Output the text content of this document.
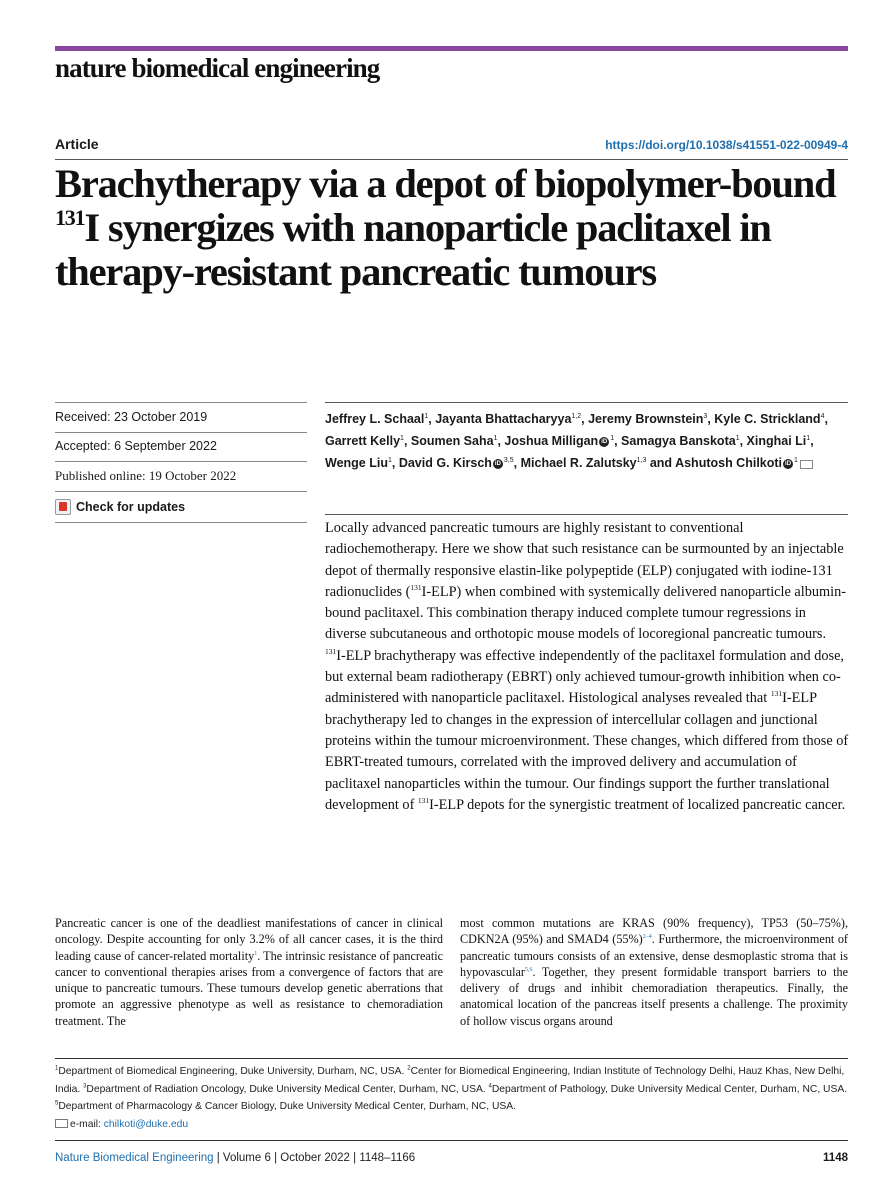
nature biomedical engineering
Article	https://doi.org/10.1038/s41551-022-00949-4
Brachytherapy via a depot of biopolymer-bound $^{131}$I synergizes with nanoparticle paclitaxel in therapy-resistant pancreatic tumours
Received: 23 October 2019
Accepted: 6 September 2022
Published online: 19 October 2022
Check for updates
Jeffrey L. Schaal$^1$, Jayanta Bhattacharyya$^{1,2}$, Jeremy Brownstein$^3$, Kyle C. Strickland$^4$, Garrett Kelly$^1$, Soumen Saha$^1$, Joshua Milligan iD $^1$, Samagya Banskota$^1$, Xinghai Li$^1$, Wenge Liu$^1$, David G. Kirsch iD $^{3,5}$, Michael R. Zalutsky$^{1,3}$ and Ashutosh Chilkoti iD $^1$

Locally advanced pancreatic tumours are highly resistant to conventional radiochemotherapy. Here we show that such resistance can be surmounted by an injectable depot of thermally responsive elastin-like polypeptide (ELP) conjugated with iodine-131 radionuclides ($^{131}$I-ELP) when combined with systemically delivered nanoparticle albumin-bound paclitaxel. This combination therapy induced complete tumour regressions in diverse subcutaneous and orthotopic mouse models of locoregional pancreatic tumours. $^{131}$I-ELP brachytherapy was effective independently of the paclitaxel formulation and dose, but external beam radiotherapy (EBRT) only achieved tumour-growth inhibition when co-administered with nanoparticle paclitaxel. Histological analyses revealed that $^{131}$I-ELP brachytherapy led to changes in the expression of intercellular collagen and junctional proteins within the tumour microenvironment. These changes, which differed from those of EBRT-treated tumours, correlated with the improved delivery and accumulation of paclitaxel nanoparticles within the tumour. Our findings support the further translational development of $^{131}$I-ELP depots for the synergistic treatment of localized pancreatic cancer.

Pancreatic cancer is one of the deadliest manifestations of cancer in clinical oncology. Despite accounting for only 3.2% of all cancer cases, it is the third leading cause of cancer-related mortality$^1$. The intrinsic resistance of pancreatic cancer to conventional therapies arises from a convergence of factors that are unique to pancreatic tumours. These tumours develop genetic aberrations that promote an aggressive phenotype as well as resistance to chemoradiation treatment. The

most common mutations are KRAS (90% frequency), TP53 (50–75%), CDKN2A (95%) and SMAD4 $(55\%)^{2-4}$. Furthermore, the microenvironment of pancreatic tumours consists of an extensive, dense desmoplastic stroma that is hypovascular$^{5,6}$. Together, they present formidable transport barriers to the delivery of drugs and inhibit chemoradiation therapeutics. Finally, the anatomical location of the pancreas itself presents a challenge. The proximity of hollow viscus organs around

$^1$Department of Biomedical Engineering, Duke University, Durham, NC, USA. $^2$Center for Biomedical Engineering, Indian Institute of Technology Delhi, Hauz Khas, New Delhi, India. $^3$Department of Radiation Oncology, Duke University Medical Center, Durham, NC, USA. $^4$Department of Pathology, Duke University Medical Center, Durham, NC, USA. $^5$Department of Pharmacology & Cancer Biology, Duke University Medical Center, Durham, NC, USA.
e-mail: chilkoti@duke.edu

Nature Biomedical Engineering | Volume 6 | October 2022 | 1148–1166	1148
